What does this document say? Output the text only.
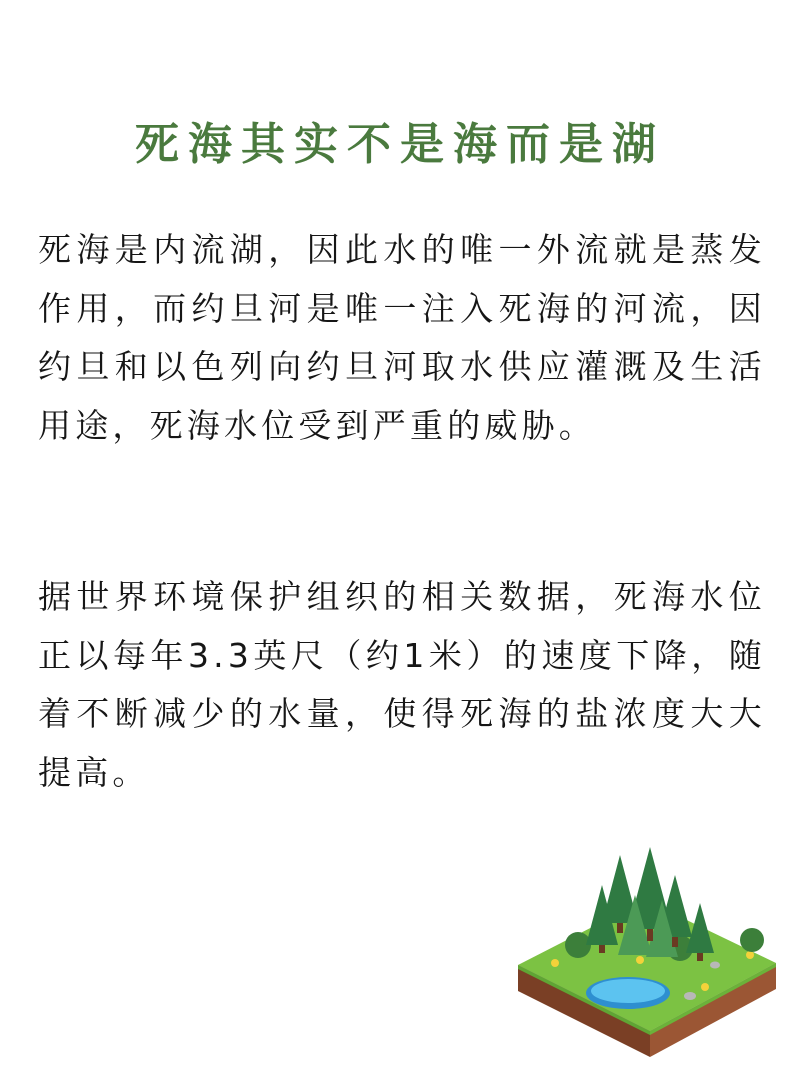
死海其实不是海而是湖

死海是内流湖，因此水的唯一外流就是蒸发作用，而约旦河是唯一注入死海的河流，因约旦和以色列向约旦河取水供应灌溉及生活用途，死海水位受到严重的威胁。

据世界环境保护组织的相关数据，死海水位正以每年3.3英尺（约1米）的速度下降，随着不断减少的水量，使得死海的盐浓度大大提高。
